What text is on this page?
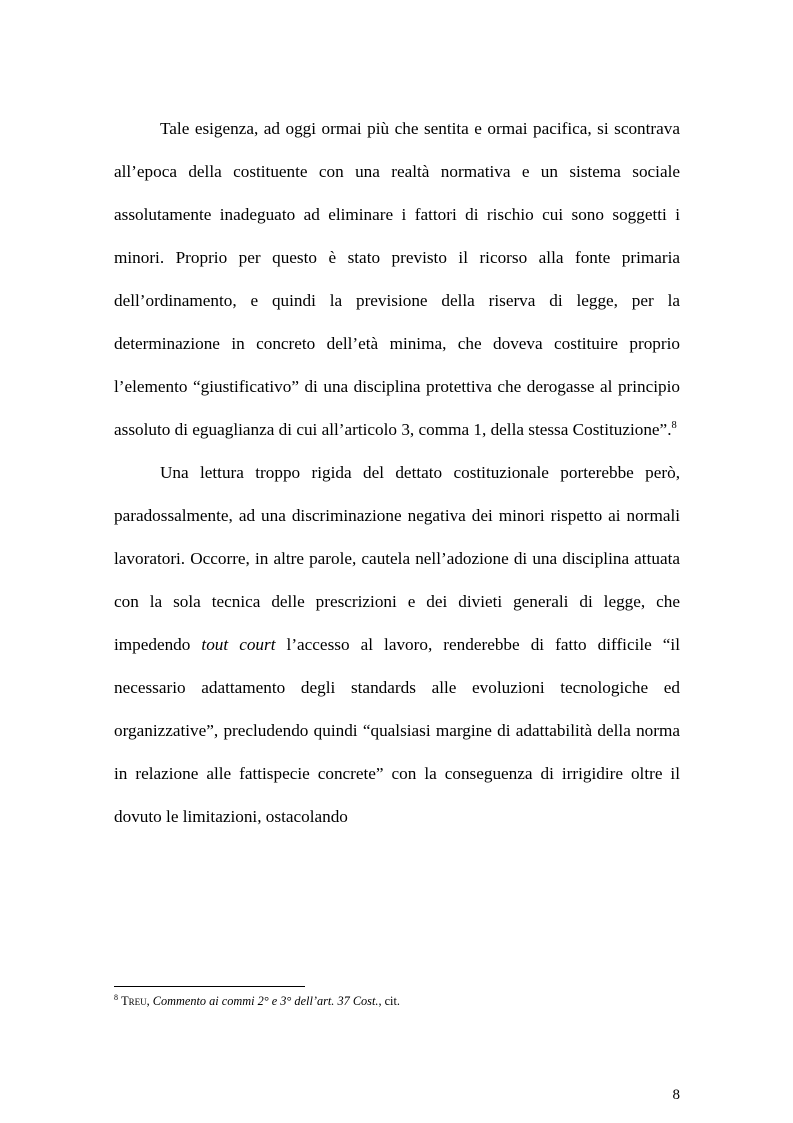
Tale esigenza, ad oggi ormai più che sentita e ormai pacifica, si scontrava all’epoca della costituente con una realtà normativa e un sistema sociale assolutamente inadeguato ad eliminare i fattori di rischio cui sono soggetti i minori. Proprio per questo è stato previsto il ricorso alla fonte primaria dell’ordinamento, e quindi la previsione della riserva di legge, per la determinazione in concreto dell’età minima, che doveva costituire proprio l’elemento “giustificativo” di una disciplina protettiva che derogasse al principio assoluto di eguaglianza di cui all’articolo 3, comma 1, della stessa Costituzione”.$^8$

Una lettura troppo rigida del dettato costituzionale porterebbe però, paradossalmente, ad una discriminazione negativa dei minori rispetto ai normali lavoratori. Occorre, in altre parole, cautela nell’adozione di una disciplina attuata con la sola tecnica delle prescrizioni e dei divieti generali di legge, che impedendo tout court l’accesso al lavoro, renderebbe di fatto difficile “il necessario adattamento degli standards alle evoluzioni tecnologiche ed organizzative”, precludendo quindi “qualsiasi margine di adattabilità della norma in relazione alle fattispecie concrete” con la conseguenza di irrigidire oltre il dovuto le limitazioni, ostacolando

$^8$ Treu, Commento ai commi 2° e 3° dell’art. 37 Cost., cit.
8
